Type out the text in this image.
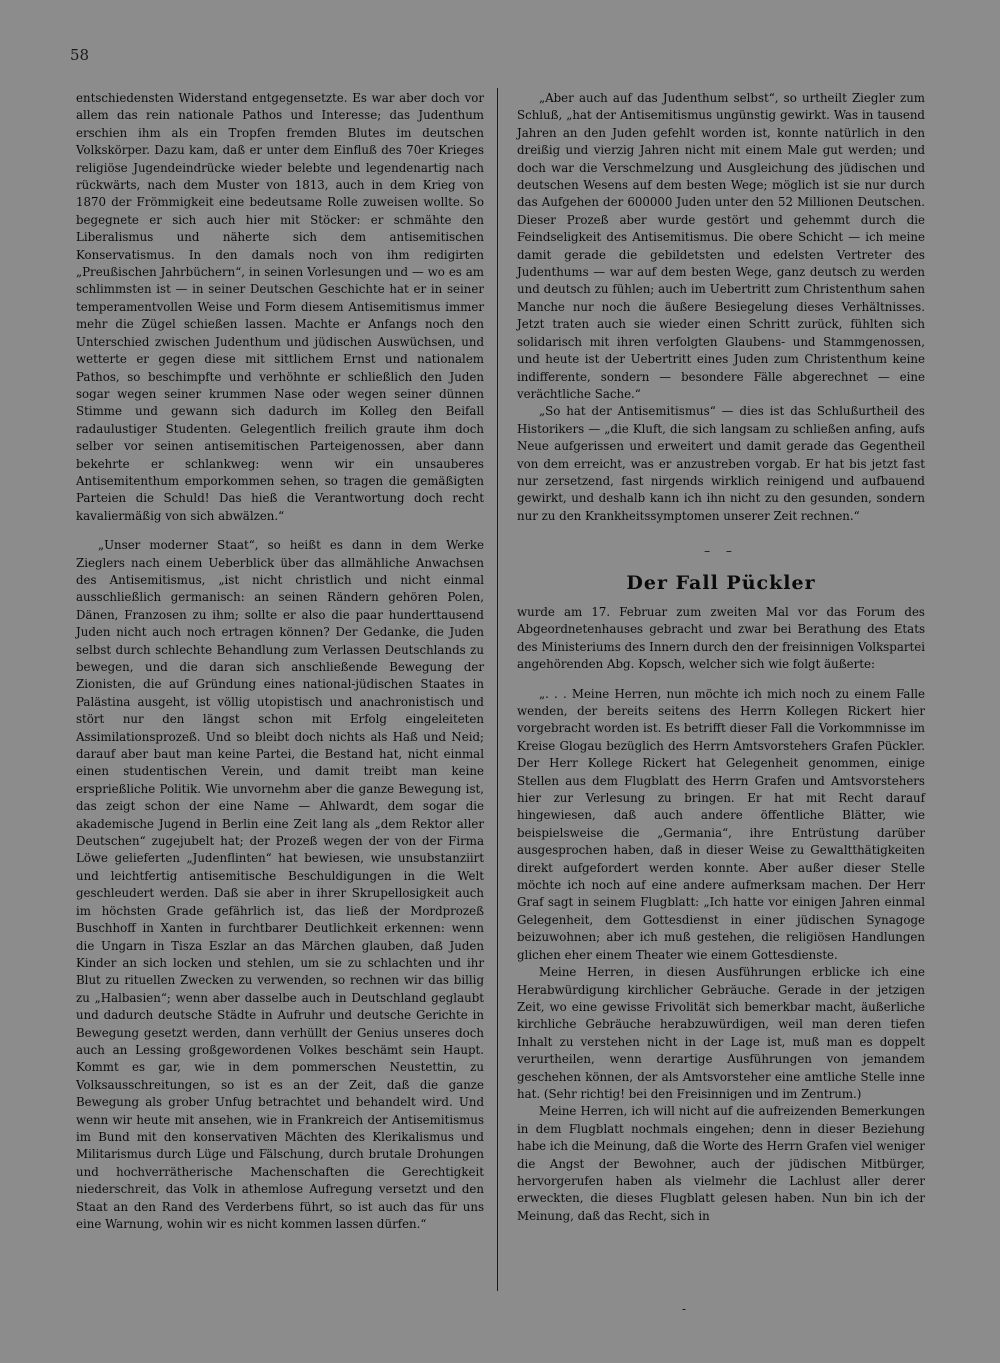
58

entschiedensten Widerstand entgegensetzte. Es war aber doch vor allem das rein nationale Pathos und Interesse; das Judenthum erschien ihm als ein Tropfen fremden Blutes im deutschen Volkskörper. Dazu kam, daß er unter dem Einfluß des 70er Krieges religiöse Jugendeindrücke wieder belebte und legendenartig nach rückwärts, nach dem Muster von 1813, auch in dem Krieg von 1870 der Frömmigkeit eine bedeutsame Rolle zuweisen wollte. So begegnete er sich auch hier mit Stöcker: er schmähte den Liberalismus und näherte sich dem antisemitischen Konservatismus. In den damals noch von ihm redigirten „Preußischen Jahrbüchern“, in seinen Vorlesungen und — wo es am schlimmsten ist — in seiner Deutschen Geschichte hat er in seiner temperamentvollen Weise und Form diesem Antisemitismus immer mehr die Zügel schießen lassen. Machte er Anfangs noch den Unterschied zwischen Judenthum und jüdischen Auswüchsen, und wetterte er gegen diese mit sittlichem Ernst und nationalem Pathos, so beschimpfte und verhöhnte er schließlich den Juden sogar wegen seiner krummen Nase oder wegen seiner dünnen Stimme und gewann sich dadurch im Kolleg den Beifall radaulustiger Studenten. Gelegentlich freilich graute ihm doch selber vor seinen antisemitischen Parteigenossen, aber dann bekehrte er schlankweg: wenn wir ein unsauberes Antisemitenthum emporkommen sehen, so tragen die gemäßigten Parteien die Schuld! Das hieß die Verantwortung doch recht kavaliermäßig von sich abwälzen.“

„Unser moderner Staat“, so heißt es dann in dem Werke Zieglers nach einem Ueberblick über das allmähliche Anwachsen des Antisemitismus, „ist nicht christlich und nicht einmal ausschließlich germanisch: an seinen Rändern gehören Polen, Dänen, Franzosen zu ihm; sollte er also die paar hunderttausend Juden nicht auch noch ertragen können? Der Gedanke, die Juden selbst durch schlechte Behandlung zum Verlassen Deutschlands zu bewegen, und die daran sich anschließende Bewegung der Zionisten, die auf Gründung eines national-jüdischen Staates in Palästina ausgeht, ist völlig utopistisch und anachronistisch und stört nur den längst schon mit Erfolg eingeleiteten Assimilationsprozeß. Und so bleibt doch nichts als Haß und Neid; darauf aber baut man keine Partei, die Bestand hat, nicht einmal einen studentischen Verein, und damit treibt man keine ersprießliche Politik. Wie unvornehm aber die ganze Bewegung ist, das zeigt schon der eine Name — Ahlwardt, dem sogar die akademische Jugend in Berlin eine Zeit lang als „dem Rektor aller Deutschen“ zugejubelt hat; der Prozeß wegen der von der Firma Löwe gelieferten „Judenflinten“ hat bewiesen, wie unsubstanziirt und leichtfertig antisemitische Beschuldigungen in die Welt geschleudert werden. Daß sie aber in ihrer Skrupellosigkeit auch im höchsten Grade gefährlich ist, das ließ der Mordprozeß Buschhoff in Xanten in furchtbarer Deutlichkeit erkennen: wenn die Ungarn in Tisza Eszlar an das Märchen glauben, daß Juden Kinder an sich locken und stehlen, um sie zu schlachten und ihr Blut zu rituellen Zwecken zu verwenden, so rechnen wir das billig zu „Halbasien“; wenn aber dasselbe auch in Deutschland geglaubt und dadurch deutsche Städte in Aufruhr und deutsche Gerichte in Bewegung gesetzt werden, dann verhüllt der Genius unseres doch auch an Lessing großgewordenen Volkes beschämt sein Haupt. Kommt es gar, wie in dem pommerschen Neustettin, zu Volksausschreitungen, so ist es an der Zeit, daß die ganze Bewegung als grober Unfug betrachtet und behandelt wird. Und wenn wir heute mit ansehen, wie in Frankreich der Antisemitismus im Bund mit den konservativen Mächten des Klerikalismus und Militarismus durch Lüge und Fälschung, durch brutale Drohungen und hochverrätherische Machenschaften die Gerechtigkeit niederschreit, das Volk in athemlose Aufregung versetzt und den Staat an den Rand des Verderbens führt, so ist auch das für uns eine Warnung, wohin wir es nicht kommen lassen dürfen.“

„Aber auch auf das Judenthum selbst“, so urtheilt Ziegler zum Schluß, „hat der Antisemitismus ungünstig gewirkt. Was in tausend Jahren an den Juden gefehlt worden ist, konnte natürlich in den dreißig und vierzig Jahren nicht mit einem Male gut werden; und doch war die Verschmelzung und Ausgleichung des jüdischen und deutschen Wesens auf dem besten Wege; möglich ist sie nur durch das Aufgehen der 600000 Juden unter den 52 Millionen Deutschen. Dieser Prozeß aber wurde gestört und gehemmt durch die Feindseligkeit des Antisemitismus. Die obere Schicht — ich meine damit gerade die gebildetsten und edelsten Vertreter des Judenthums — war auf dem besten Wege, ganz deutsch zu werden und deutsch zu fühlen; auch im Uebertritt zum Christenthum sahen Manche nur noch die äußere Besiegelung dieses Verhältnisses. Jetzt traten auch sie wieder einen Schritt zurück, fühlten sich solidarisch mit ihren verfolgten Glaubens- und Stammgenossen, und heute ist der Uebertritt eines Juden zum Christenthum keine indifferente, sondern — besondere Fälle abgerechnet — eine verächtliche Sache.“

„So hat der Antisemitismus“ — dies ist das Schlußurtheil des Historikers — „die Kluft, die sich langsam zu schließen anfing, aufs Neue aufgerissen und erweitert und damit gerade das Gegentheil von dem erreicht, was er anzustreben vorgab. Er hat bis jetzt fast nur zersetzend, fast nirgends wirklich reinigend und aufbauend gewirkt, und deshalb kann ich ihn nicht zu den gesunden, sondern nur zu den Krankheitssymptomen unserer Zeit rechnen.“

– –
Der Fall Pückler

wurde am 17. Februar zum zweiten Mal vor das Forum des Abgeordnetenhauses gebracht und zwar bei Berathung des Etats des Ministeriums des Innern durch den der freisinnigen Volkspartei angehörenden Abg. Kopsch, welcher sich wie folgt äußerte:

„. . . Meine Herren, nun möchte ich mich noch zu einem Falle wenden, der bereits seitens des Herrn Kollegen Rickert hier vorgebracht worden ist. Es betrifft dieser Fall die Vorkommnisse im Kreise Glogau bezüglich des Herrn Amtsvorstehers Grafen Pückler. Der Herr Kollege Rickert hat Gelegenheit genommen, einige Stellen aus dem Flugblatt des Herrn Grafen und Amtsvorstehers hier zur Verlesung zu bringen. Er hat mit Recht darauf hingewiesen, daß auch andere öffentliche Blätter, wie beispielsweise die „Germania“, ihre Entrüstung darüber ausgesprochen haben, daß in dieser Weise zu Gewaltthätigkeiten direkt aufgefordert werden konnte. Aber außer dieser Stelle möchte ich noch auf eine andere aufmerksam machen. Der Herr Graf sagt in seinem Flugblatt: „Ich hatte vor einigen Jahren einmal Gelegenheit, dem Gottesdienst in einer jüdischen Synagoge beizuwohnen; aber ich muß gestehen, die religiösen Handlungen glichen eher einem Theater wie einem Gottesdienste.

Meine Herren, in diesen Ausführungen erblicke ich eine Herabwürdigung kirchlicher Gebräuche. Gerade in der jetzigen Zeit, wo eine gewisse Frivolität sich bemerkbar macht, äußerliche kirchliche Gebräuche herabzuwürdigen, weil man deren tiefen Inhalt zu verstehen nicht in der Lage ist, muß man es doppelt verurtheilen, wenn derartige Ausführungen von jemandem geschehen können, der als Amtsvorsteher eine amtliche Stelle inne hat. (Sehr richtig! bei den Freisinnigen und im Zentrum.)

Meine Herren, ich will nicht auf die aufreizenden Bemerkungen in dem Flugblatt nochmals eingehen; denn in dieser Beziehung habe ich die Meinung, daß die Worte des Herrn Grafen viel weniger die Angst der Bewohner, auch der jüdischen Mitbürger, hervorgerufen haben als vielmehr die Lachlust aller derer erweckten, die dieses Flugblatt gelesen haben. Nun bin ich der Meinung, daß das Recht, sich in

-
